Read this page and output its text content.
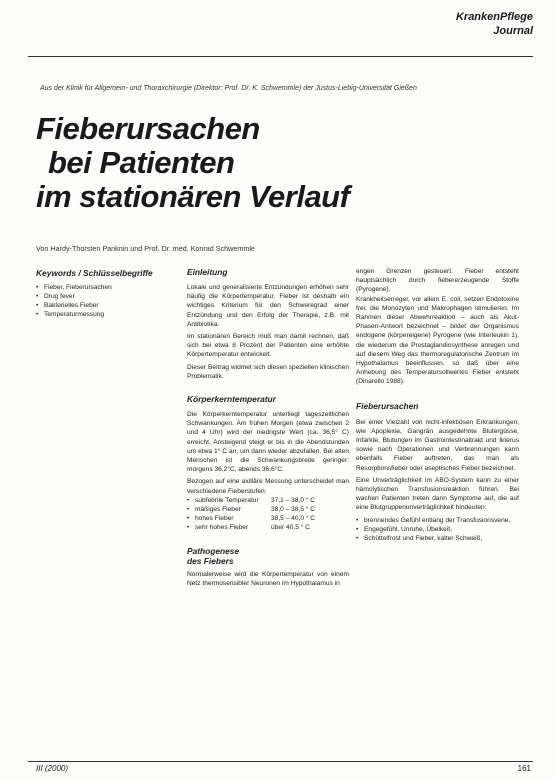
KrankenPflege
Journal
Aus der Klinik für Allgemein- und Thoraxchirurgie (Direktor: Prof. Dr. K. Schwemmle) der Justus-Liebig-Universität Gießen
Fieberursachen
bei Patienten
im stationären Verlauf
Von Hardy-Thorsten Panknin und Prof. Dr. med. Konrad Schwemmle
Keywords / Schlüsselbegriffe
• Fieber, Fieberursachen
• Drug fever
• Bakterielles Fieber
• Temperaturmessung
Einleitung

Lokale und generalisierte Entzündungen erhöhen sehr häufig die Körpertemperatur. Fieber ist deshalb ein wichtiges Kriterium für den Schweregrad einer Entzündung und den Erfolg der Therapie, z.B. mit Antibiotika.

Im stationären Bereich muß man damit rechnen, daß sich bei etwa 8 Prozent der Patienten eine erhöhte Körpertemperatur entwickelt.

Dieser Beitrag widmet sich diesen speziellen klinischen Problematik.

Körperkerntemperatur

Die Körperkerntemperatur unterliegt tageszeitlichen Schwankungen. Am frühen Morgen (etwa zwischen 2 und 4 Uhr) wird der niedrigste Wert (ca. 36,5° C) erreicht. Ansteigend steigt er bis in die Abendstunden um etwa 1° C an, um dann wieder abzufallen. Bei alten Menschen ist die Schwankungsbreite geringer: morgens 36,2°C, abends 36,6°C.

Bezogen auf eine axilläre Messung unterscheidet man verschiedene Fieberstufen:

• subfebrile Temperatur	37,1 – 38,0 ° C
• mäßiges Fieber	38,0 – 38,5 ° C
• hohes Fieber	38,5 – 40,0 ° C
• sehr hohes Fieber	über 40,5 ° C
Pathogenese
des Fiebers

Normalerweise wird die Körpertemperatur von einem Netz thermosensibler Neuronen im Hypothalamus in

engen Grenzen gesteuert. Fieber entsteht hauptsächlich durch fiebererzeugende Stoffe (Pyrogene).

Krankheitserreger, vor allem E. coli, setzen Endotoxine frei, die Monozyten und Makrophagen stimulieren. Im Rahmen dieser Abwehrreaktion – auch als Akut-Phasen-Antwort bezeichnet – bildet der Organismus endogene (körpereigene) Pyrogene (wie Interleukin 1), die wiederum die Prostaglandinsynthese anregen und auf diesem Weg das thermoregulatorische Zentrum im Hypothalamus beeinflussen, so daß über eine Anhebung des Temperatursollwertes Fieber entsteht (Dinarello 1988).

Fieberursachen

Bei einer Vielzahl von nicht-infektiösen Erkrankungen, wie Apoplexie, Gangrän ausgedehnte Blutergüsse, Infarkte, Blutungen im Gastrointestinaltrakt und Ikterus sowie nach Operationen und Verbrennungen kann ebenfalls Fieber auftreten, das man als Resorptionsfieber oder aseptisches Fieber bezeichnet.

Eine Unverträglichkeit im ABO-System kann zu einer hämolytischen Transfusionsreaktion führen. Bei wachen Patienten treten dann Symptome auf, die auf eine Blutgruppenunverträglichkeit hindeuten:

• brennendes Gefühl entlang der Transfusionsvene,
• Engegefühl, Unruhe, Übelkeit,
• Schüttelfrost und Fieber, kalter Schweiß,
III (2000)	161
